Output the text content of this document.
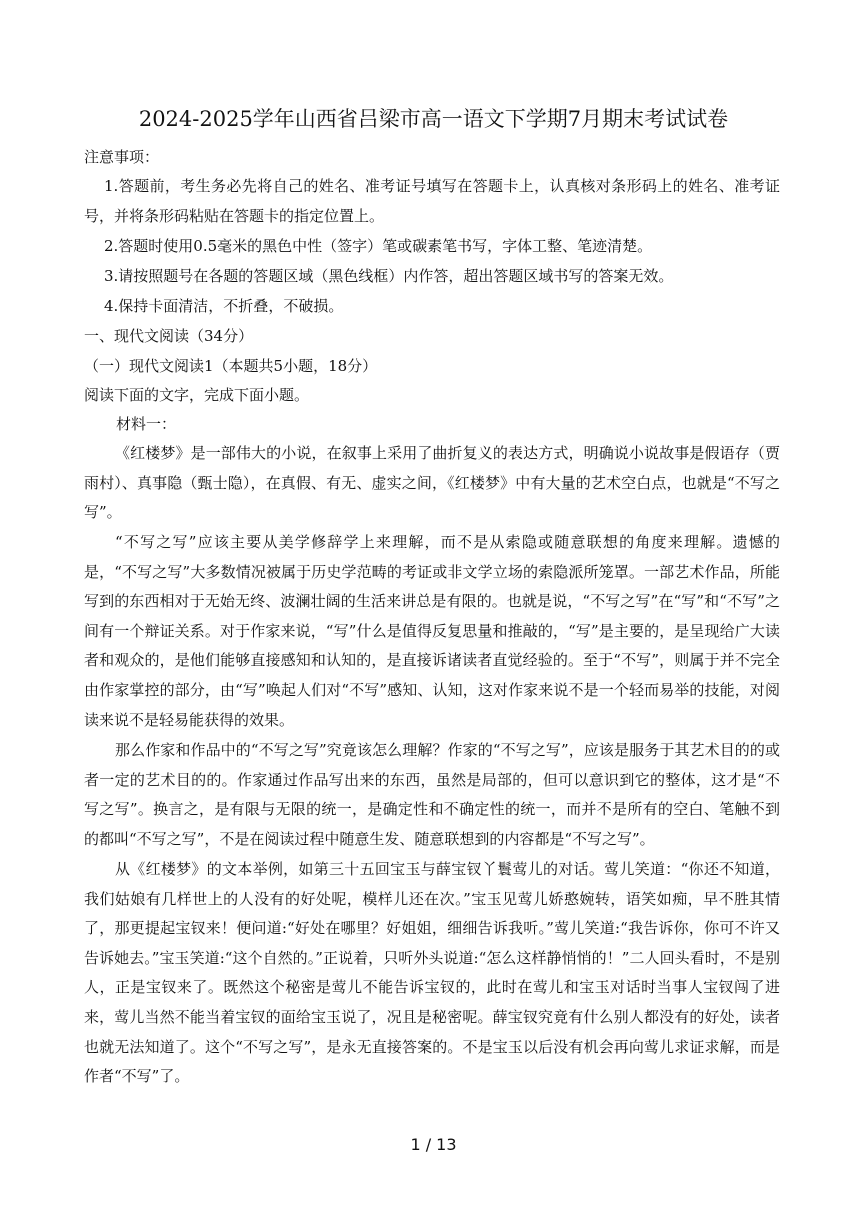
2024-2025学年山西省吕梁市高一语文下学期7月期末考试试卷
注意事项：
1.答题前，考生务必先将自己的姓名、准考证号填写在答题卡上，认真核对条形码上的姓名、准考证号，并将条形码粘贴在答题卡的指定位置上。
2.答题时使用0.5毫米的黑色中性（签字）笔或碳素笔书写，字体工整、笔迹清楚。
3.请按照题号在各题的答题区域（黑色线框）内作答，超出答题区域书写的答案无效。
4.保持卡面清洁，不折叠，不破损。
一、现代文阅读（34分）
（一）现代文阅读1（本题共5小题，18分）
阅读下面的文字，完成下面小题。
材料一：
《红楼梦》是一部伟大的小说，在叙事上采用了曲折复义的表达方式，明确说小说故事是假语存（贾雨村）、真事隐（甄士隐），在真假、有无、虚实之间，《红楼梦》中有大量的艺术空白点，也就是“不写之写”。
“不写之写”应该主要从美学修辞学上来理解，而不是从索隐或随意联想的角度来理解。遗憾的是，“不写之写”大多数情况被属于历史学范畴的考证或非文学立场的索隐派所笼罩。一部艺术作品，所能写到的东西相对于无始无终、波澜壮阔的生活来讲总是有限的。也就是说，“不写之写”在“写”和“不写”之间有一个辩证关系。对于作家来说，“写”什么是值得反复思量和推敲的，“写”是主要的，是呈现给广大读者和观众的，是他们能够直接感知和认知的，是直接诉诸读者直觉经验的。至于“不写”，则属于并不完全由作家掌控的部分，由“写”唤起人们对“不写”感知、认知，这对作家来说不是一个轻而易举的技能，对阅读来说不是轻易能获得的效果。
那么作家和作品中的“不写之写”究竟该怎么理解？作家的“不写之写”，应该是服务于其艺术目的的或者一定的艺术目的的。作家通过作品写出来的东西，虽然是局部的，但可以意识到它的整体，这才是“不写之写”。换言之，是有限与无限的统一，是确定性和不确定性的统一，而并不是所有的空白、笔触不到的都叫“不写之写”，不是在阅读过程中随意生发、随意联想到的内容都是“不写之写”。
从《红楼梦》的文本举例，如第三十五回宝玉与薛宝钗丫鬟莺儿的对话。莺儿笑道：“你还不知道，我们姑娘有几样世上的人没有的好处呢，模样儿还在次。”宝玉见莺儿娇憨婉转，语笑如痴，早不胜其情了，那更提起宝钗来！便问道:“好处在哪里？好姐姐，细细告诉我听。”莺儿笑道:“我告诉你，你可不许又告诉她去。”宝玉笑道:“这个自然的。”正说着，只听外头说道:“怎么这样静悄悄的！”二人回头看时，不是别人，正是宝钗来了。既然这个秘密是莺儿不能告诉宝钗的，此时在莺儿和宝玉对话时当事人宝钗闯了进来，莺儿当然不能当着宝钗的面给宝玉说了，况且是秘密呢。薛宝钗究竟有什么别人都没有的好处，读者也就无法知道了。这个“不写之写”，是永无直接答案的。不是宝玉以后没有机会再向莺儿求证求解，而是作者“不写”了。
1 / 13
